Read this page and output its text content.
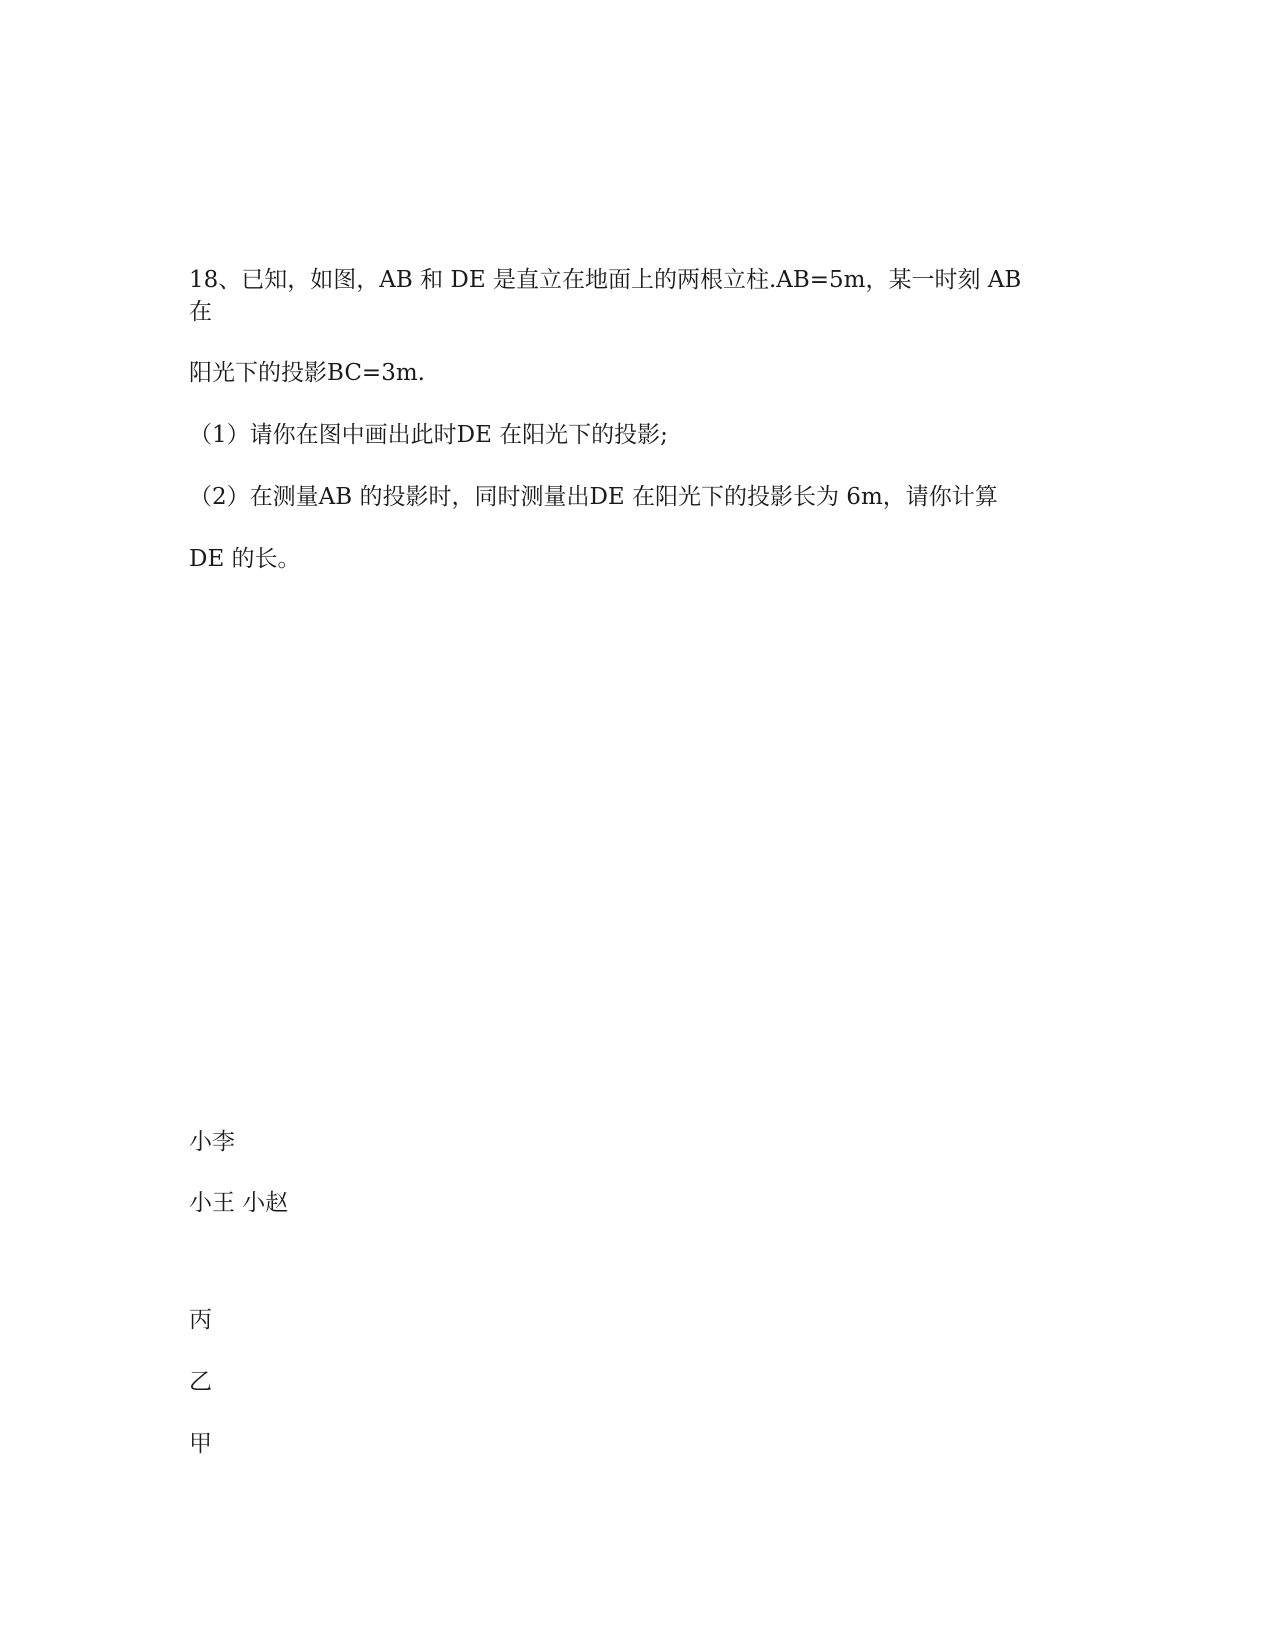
18、已知，如图，AB 和 DE 是直立在地面上的两根立柱.AB=5m，某一时刻 AB
在
阳光下的投影BC=3m.
（1）请你在图中画出此时DE 在阳光下的投影;
（2）在测量AB 的投影时，同时测量出DE 在阳光下的投影长为 6m，请你计算
DE 的长。
小李
小王 小赵
丙
乙
甲
